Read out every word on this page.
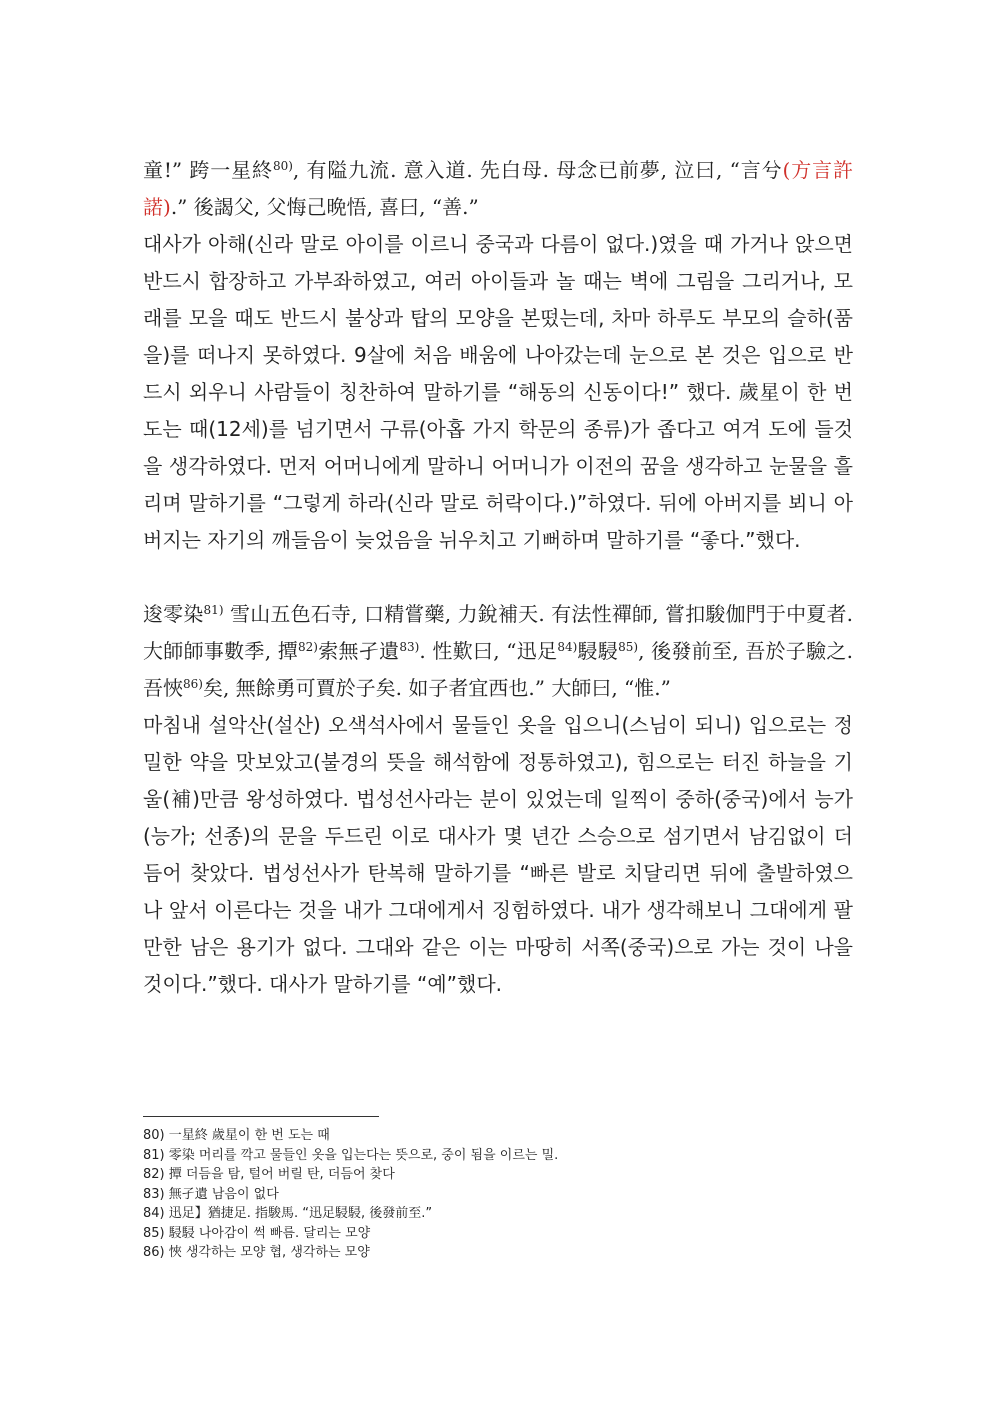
童!” 跨一星終$^{80)}$, 有隘九流. 意入道. 先白母. 母念已前夢, 泣曰, “言兮(方言許諾).” 後謁父, 父悔己晩悟, 喜曰, “善.”

대사가 아해(신라 말로 아이를 이르니 중국과 다름이 없다.)였을 때 가거나 앉으면 반드시 합장하고 가부좌하였고, 여러 아이들과 놀 때는 벽에 그림을 그리거나, 모래를 모을 때도 반드시 불상과 탑의 모양을 본떴는데, 차마 하루도 부모의 슬하(품을)를 떠나지 못하였다. 9살에 처음 배움에 나아갔는데 눈으로 본 것은 입으로 반드시 외우니 사람들이 칭찬하여 말하기를 “해동의 신동이다!” 했다. 歲星이 한 번 도는 때(12세)를 넘기면서 구류(아홉 가지 학문의 종류)가 좁다고 여겨 도에 들것을 생각하였다. 먼저 어머니에게 말하니 어머니가 이전의 꿈을 생각하고 눈물을 흘리며 말하기를 “그렇게 하라(신라 말로 허락이다.)”하였다. 뒤에 아버지를 뵈니 아버지는 자기의 깨들음이 늦었음을 뉘우치고 기뻐하며 말하기를 “좋다.”했다.

逡零染$^{81)}$ 雪山五色石寺, 口精嘗藥, 力銳補天. 有法性禪師, 嘗扣駿伽門于中夏者. 大師師事數季, 撢$^{82)}$索無孑遺$^{83)}$. 性歎曰, “迅足$^{84)}$駸駸$^{85)}$, 後發前至, 吾於子驗之. 吾悏$^{86)}$矣, 無餘勇可賈於子矣. 如子者宜西也.” 大師曰, “惟.”

마침내 설악산(설산) 오색석사에서 물들인 옷을 입으니(스님이 되니) 입으로는 정밀한 약을 맛보았고(불경의 뜻을 해석함에 정통하였고), 힘으로는 터진 하늘을 기울(補)만큼 왕성하였다. 법성선사라는 분이 있었는데 일찍이 중하(중국)에서 능가(능가; 선종)의 문을 두드린 이로 대사가 몇 년간 스승으로 섬기면서 남김없이 더듬어 찾았다. 법성선사가 탄복해 말하기를 “빠른 발로 치달리면 뒤에 출발하였으나 앞서 이른다는 것을 내가 그대에게서 징험하였다. 내가 생각해보니 그대에게 팔 만한 남은 용기가 없다. 그대와 같은 이는 마땅히 서쪽(중국)으로 가는 것이 나을 것이다.”했다. 대사가 말하기를 “예”했다.

80) 一星終 歲星이 한 번 도는 때
81) 零染 머리를 깍고 물들인 옷을 입는다는 뜻으로, 중이 됨을 이르는 밀.
82) 撢 더듬을 탐, 털어 버릴 탄, 더듬어 찾다
83) 無孑遺 남음이 없다
84) 迅足】猶捷足. 指駿馬. “迅足駸駸, 後發前至.”
85) 駸駸 나아감이 썩 빠름. 달리는 모양
86) 悏 생각하는 모양 협, 생각하는 모양
